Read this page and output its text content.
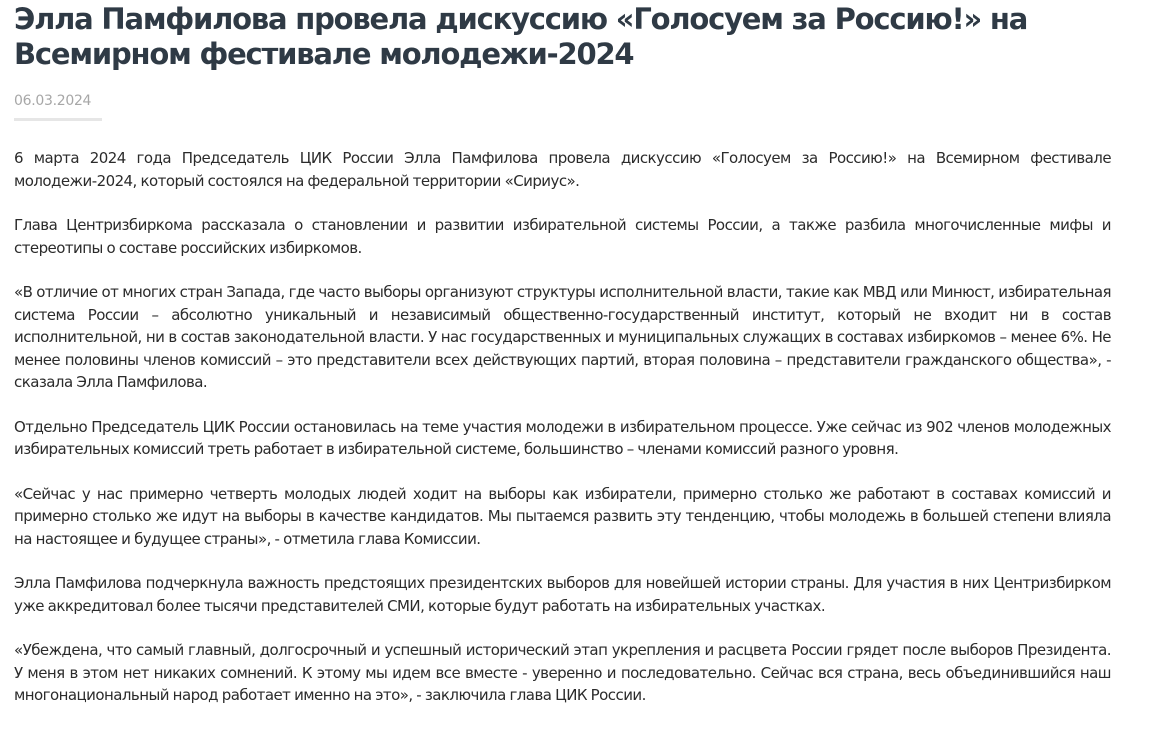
Элла Памфилова провела дискуссию «Голосуем за Россию!» на Всемирном фестивале молодежи-2024
06.03.2024

6 марта 2024 года Председатель ЦИК России Элла Памфилова провела дискуссию «Голосуем за Россию!» на Всемирном фестивале молодежи-2024, который состоялся на федеральной территории «Сириус».

Глава Центризбиркома рассказала о становлении и развитии избирательной системы России, а также разбила многочисленные мифы и стереотипы о составе российских избиркомов.

«В отличие от многих стран Запада, где часто выборы организуют структуры исполнительной власти, такие как МВД или Минюст, избирательная система России – абсолютно уникальный и независимый общественно-государственный институт, который не входит ни в состав исполнительной, ни в состав законодательной власти. У нас государственных и муниципальных служащих в составах избиркомов – менее 6%. Не менее половины членов комиссий – это представители всех действующих партий, вторая половина – представители гражданского общества», - сказала Элла Памфилова.

Отдельно Председатель ЦИК России остановилась на теме участия молодежи в избирательном процессе. Уже сейчас из 902 членов молодежных избирательных комиссий треть работает в избирательной системе, большинство – членами комиссий разного уровня.

«Сейчас у нас примерно четверть молодых людей ходит на выборы как избиратели, примерно столько же работают в составах комиссий и примерно столько же идут на выборы в качестве кандидатов. Мы пытаемся развить эту тенденцию, чтобы молодежь в большей степени влияла на настоящее и будущее страны», - отметила глава Комиссии.

Элла Памфилова подчеркнула важность предстоящих президентских выборов для новейшей истории страны. Для участия в них Центризбирком уже аккредитовал более тысячи представителей СМИ, которые будут работать на избирательных участках.

«Убеждена, что самый главный, долгосрочный и успешный исторический этап укрепления и расцвета России грядет после выборов Президента. У меня в этом нет никаких сомнений. К этому мы идем все вместе - уверенно и последовательно. Сейчас вся страна, весь объединившийся наш многонациональный народ работает именно на это», - заключила глава ЦИК России.
